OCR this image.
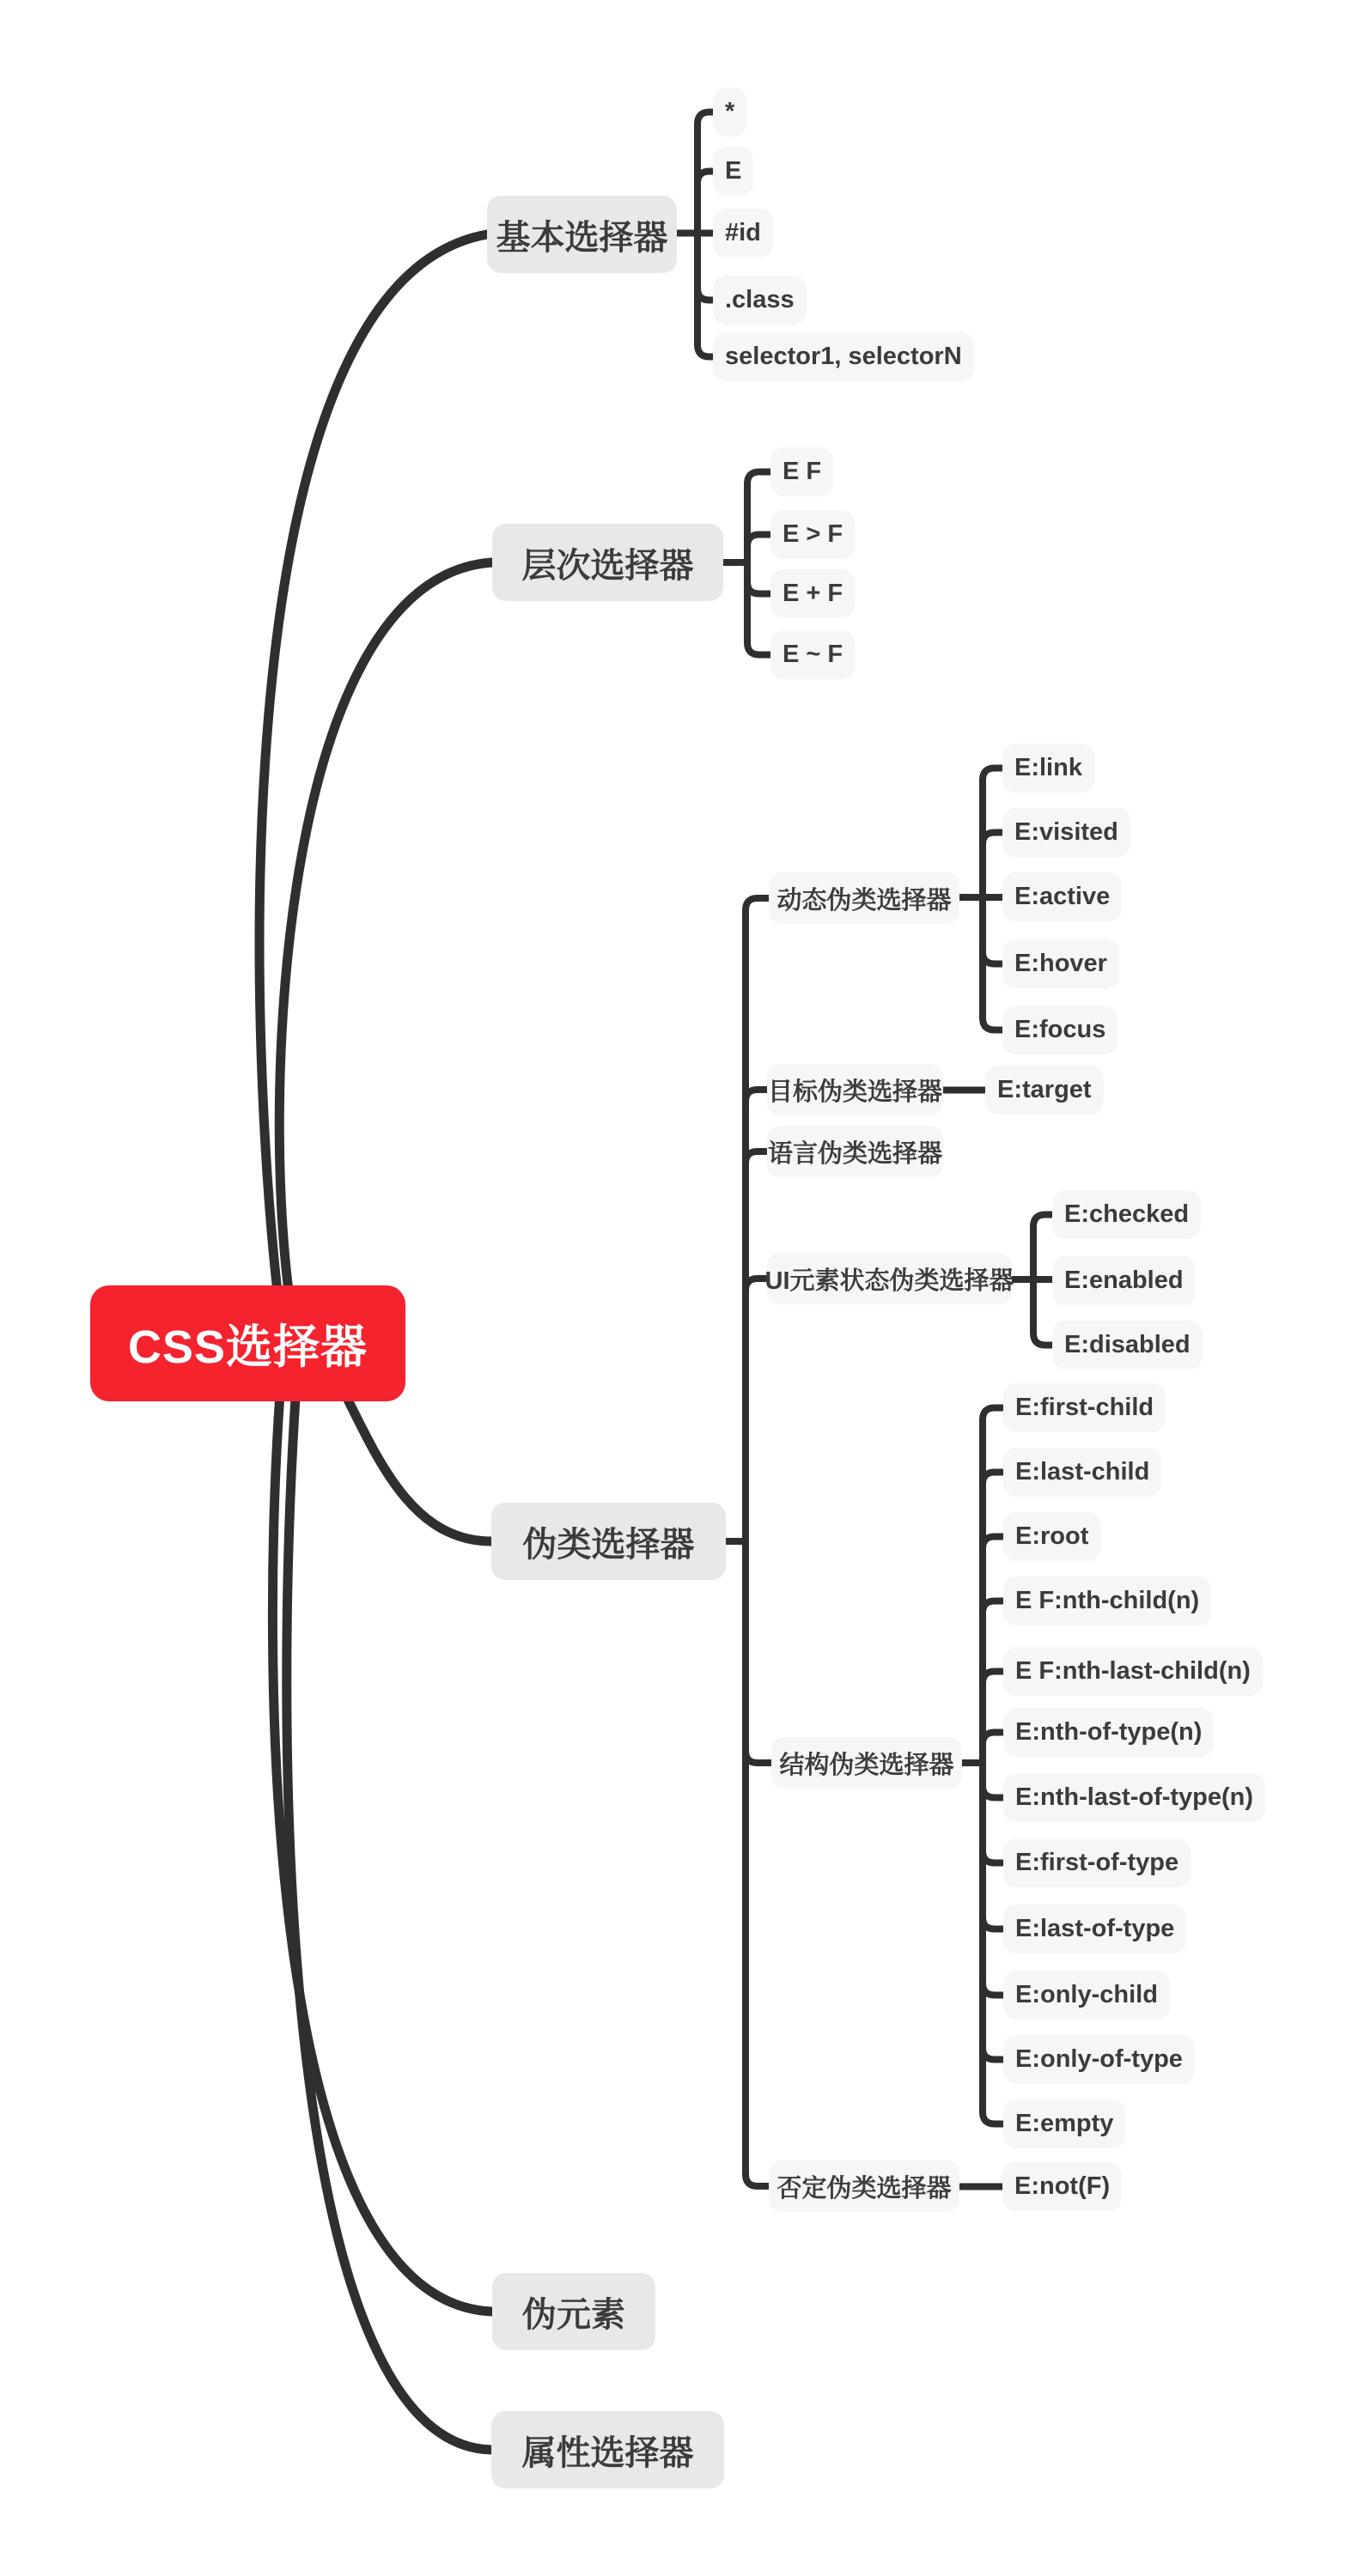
CSS选择器
基本选择器
层次选择器
伪类选择器
伪元素
属性选择器
*
E
#id
.class
selector1, selectorN
E F
E > F
E + F
E ~ F
动态伪类选择器
目标伪类选择器
语言伪类选择器
UI元素状态伪类选择器
结构伪类选择器
否定伪类选择器
E:link
E:visited
E:active
E:hover
E:focus
E:target
E:checked
E:enabled
E:disabled
E:first-child
E:last-child
E:root
E F:nth-child(n)
E F:nth-last-child(n)
E:nth-of-type(n)
E:nth-last-of-type(n)
E:first-of-type
E:last-of-type
E:only-child
E:only-of-type
E:empty
E:not(F)
